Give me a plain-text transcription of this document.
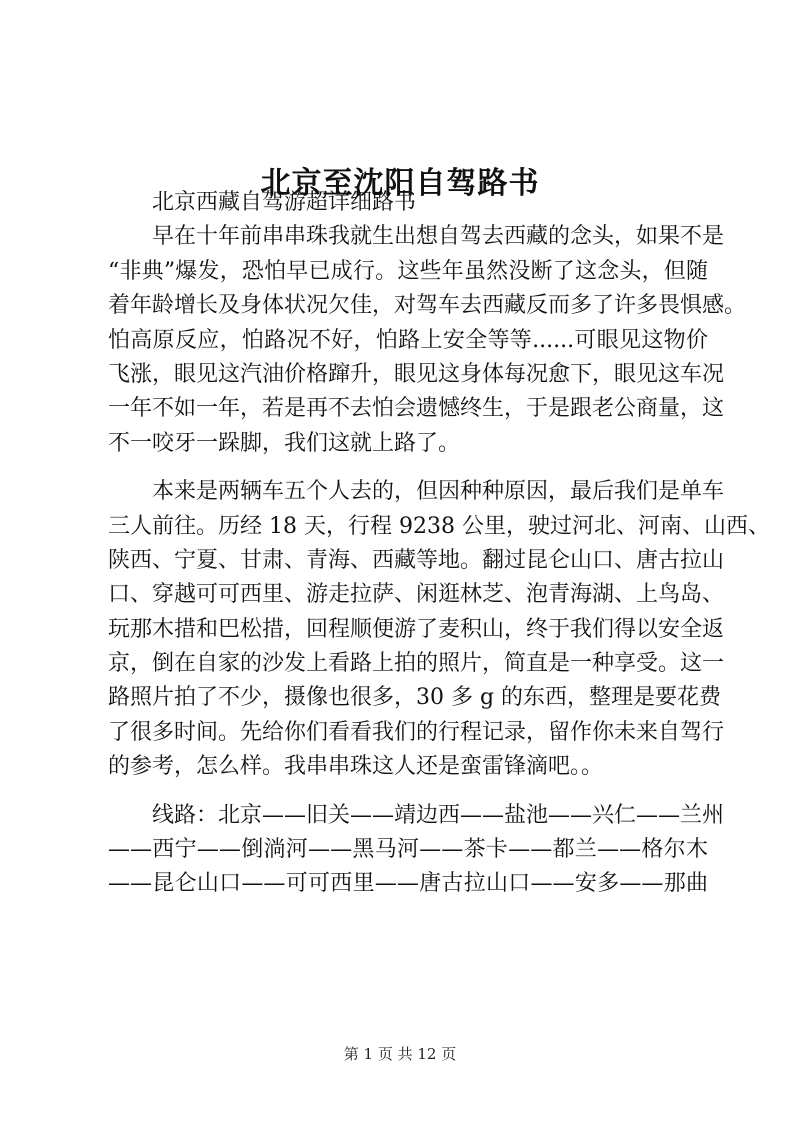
北京至沈阳自驾路书
北京西藏自驾游超详细路书
早在十年前串串珠我就生出想自驾去西藏的念头，如果不是
“非典”爆发，恐怕早已成行。这些年虽然没断了这念头，但随
着年龄增长及身体状况欠佳，对驾车去西藏反而多了许多畏惧感。
怕高原反应，怕路况不好，怕路上安全等等......可眼见这物价
飞涨，眼见这汽油价格蹿升，眼见这身体每况愈下，眼见这车况
一年不如一年，若是再不去怕会遗憾终生，于是跟老公商量，这
不一咬牙一跺脚，我们这就上路了。
本来是两辆车五个人去的，但因种种原因，最后我们是单车
三人前往。历经 18 天，行程 9238 公里，驶过河北、河南、山西、
陕西、宁夏、甘肃、青海、西藏等地。翻过昆仑山口、唐古拉山
口、穿越可可西里、游走拉萨、闲逛林芝、泡青海湖、上鸟岛、
玩那木措和巴松措，回程顺便游了麦积山，终于我们得以安全返
京，倒在自家的沙发上看路上拍的照片，简直是一种享受。这一
路照片拍了不少，摄像也很多，30 多 g 的东西，整理是要花费
了很多时间。先给你们看看我们的行程记录，留作你未来自驾行
的参考，怎么样。我串串珠这人还是蛮雷锋滴吧。。
线路：北京——旧关——靖边西——盐池——兴仁——兰州
——西宁——倒淌河——黑马河——茶卡——都兰——格尔木
——昆仑山口——可可西里——唐古拉山口——安多——那曲
第 1 页 共 12 页
